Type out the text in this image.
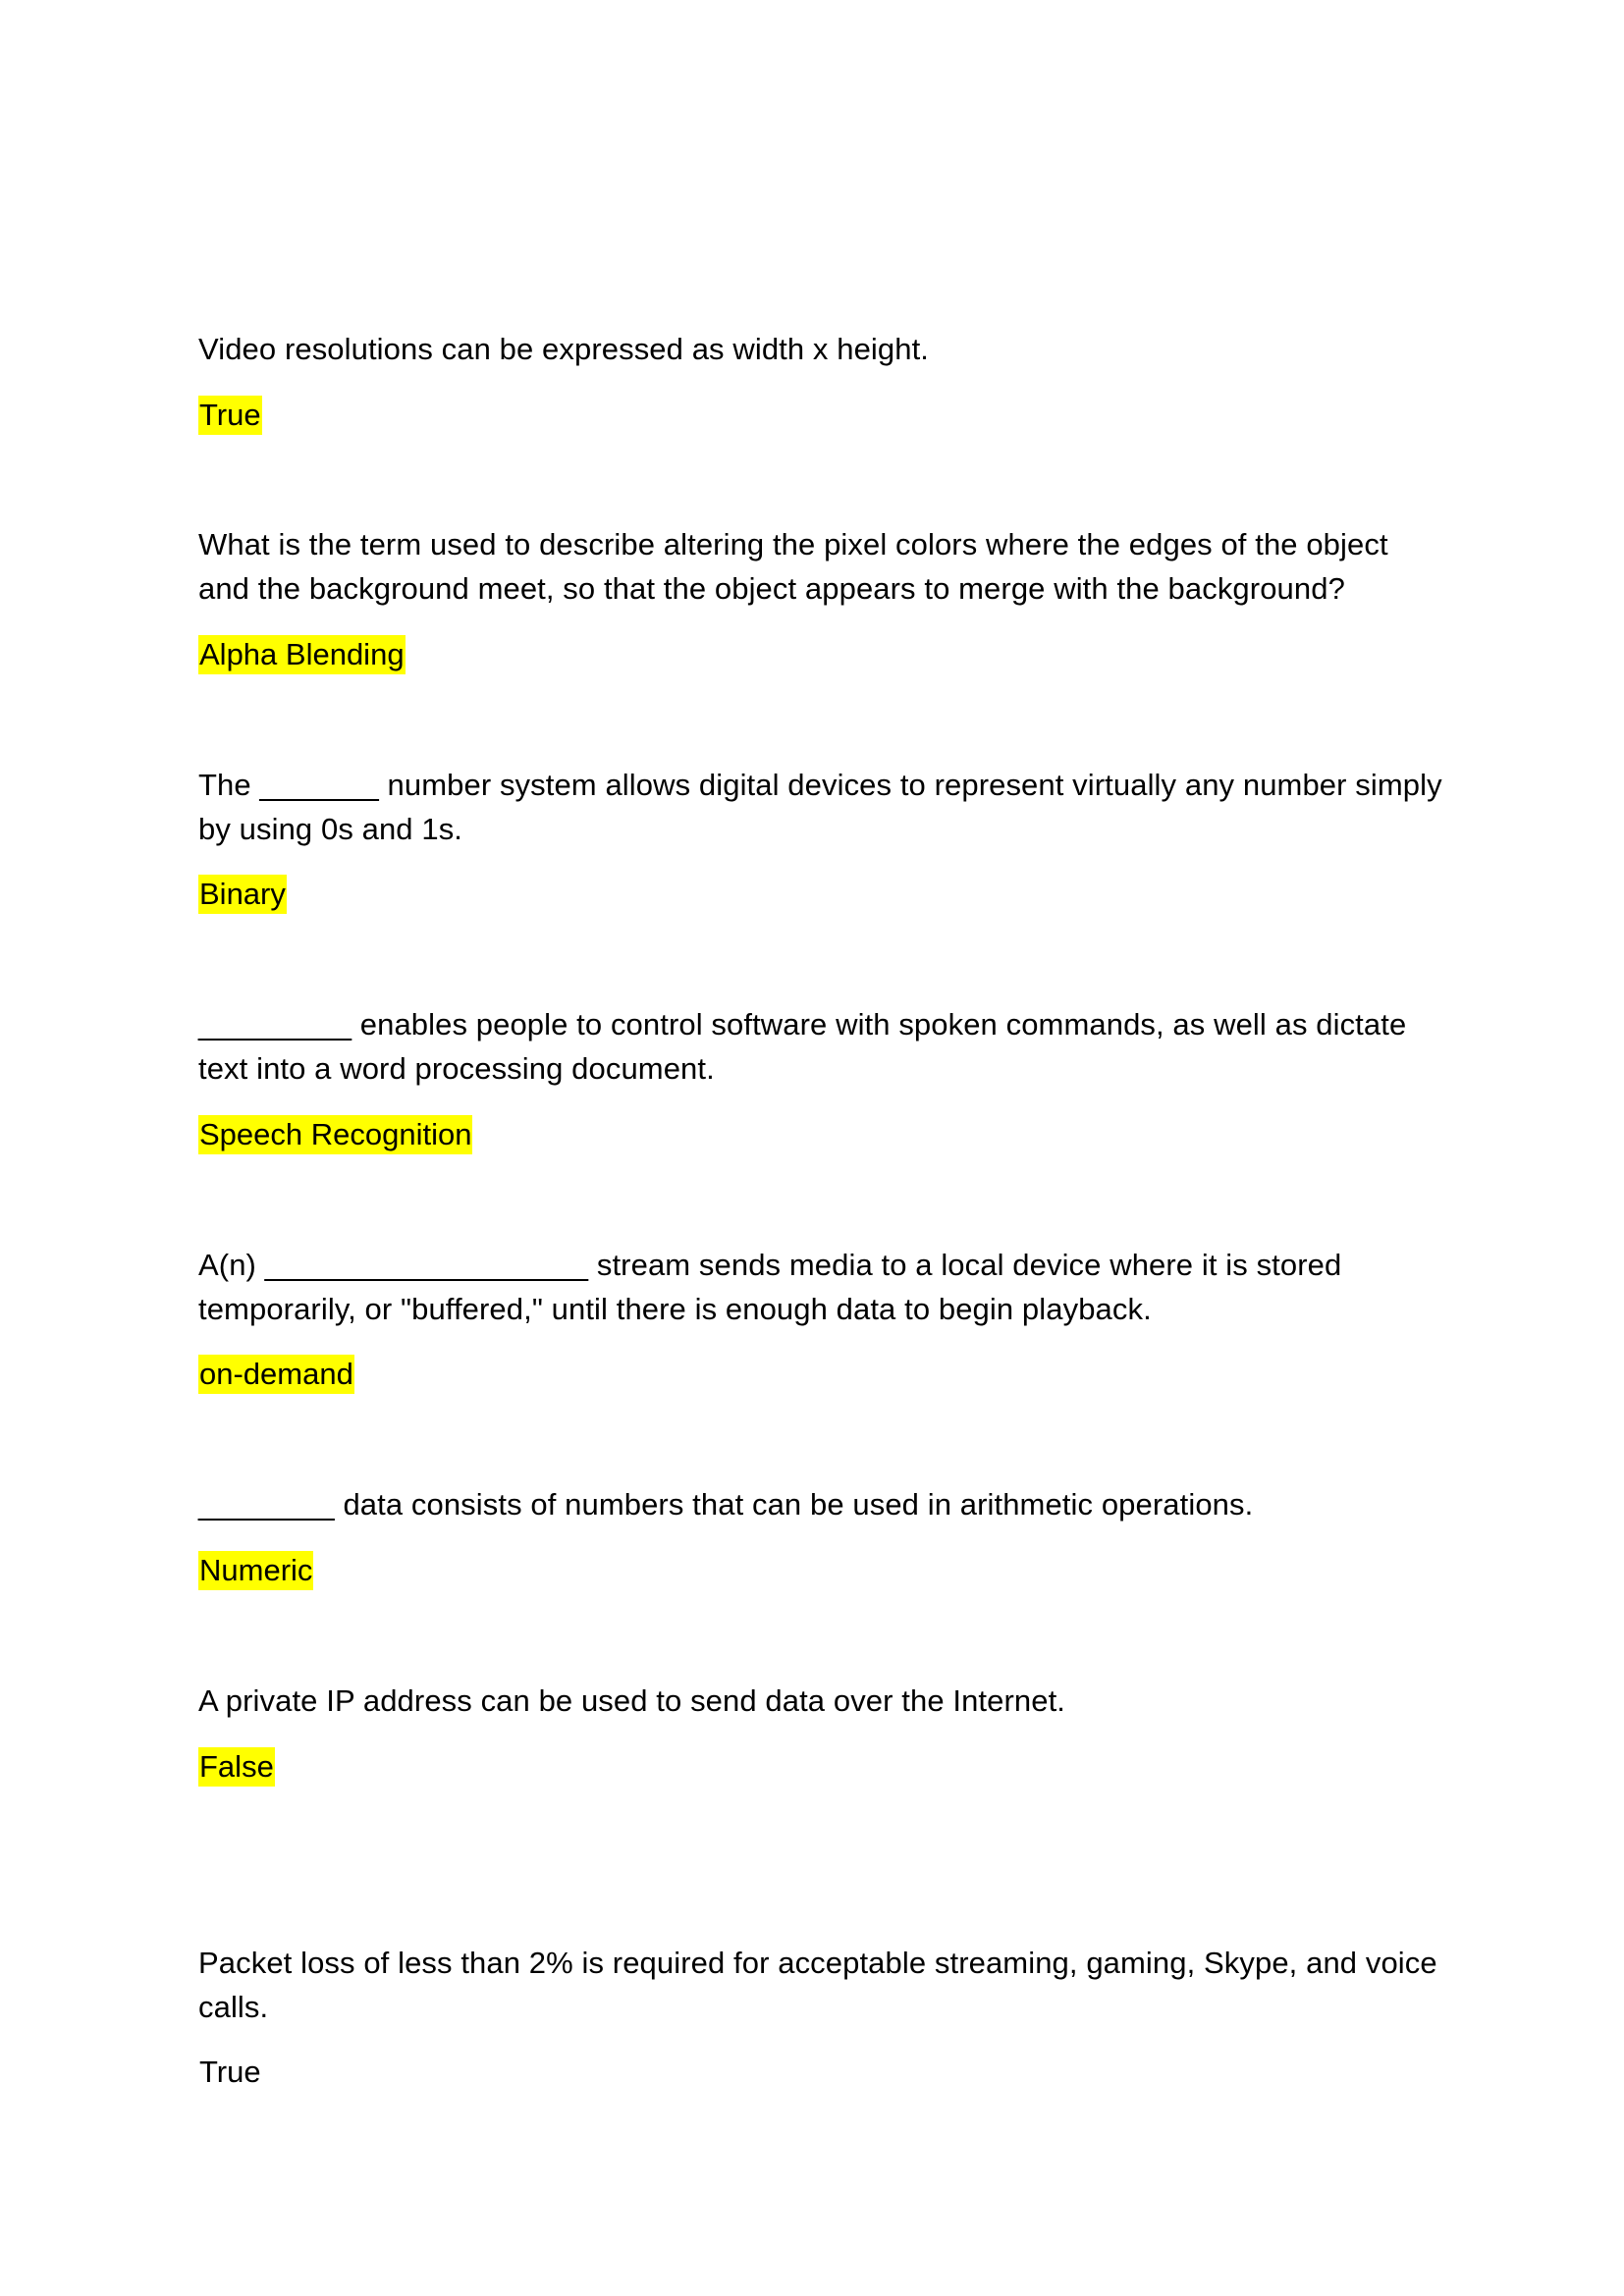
Video resolutions can be expressed as width x height.

True

What is the term used to describe altering the pixel colors where the edges of the object and the background meet, so that the object appears to merge with the background?

Alpha Blending

The _______ number system allows digital devices to represent virtually any number simply by using 0s and 1s.

Binary

_________ enables people to control software with spoken commands, as well as dictate text into a word processing document.

Speech Recognition

A(n) ___________________ stream sends media to a local device where it is stored temporarily, or "buffered," until there is enough data to begin playback.

on-demand

________ data consists of numbers that can be used in arithmetic operations.

Numeric

A private IP address can be used to send data over the Internet.

False

Packet loss of less than 2% is required for acceptable streaming, gaming, Skype, and voice calls.

True
